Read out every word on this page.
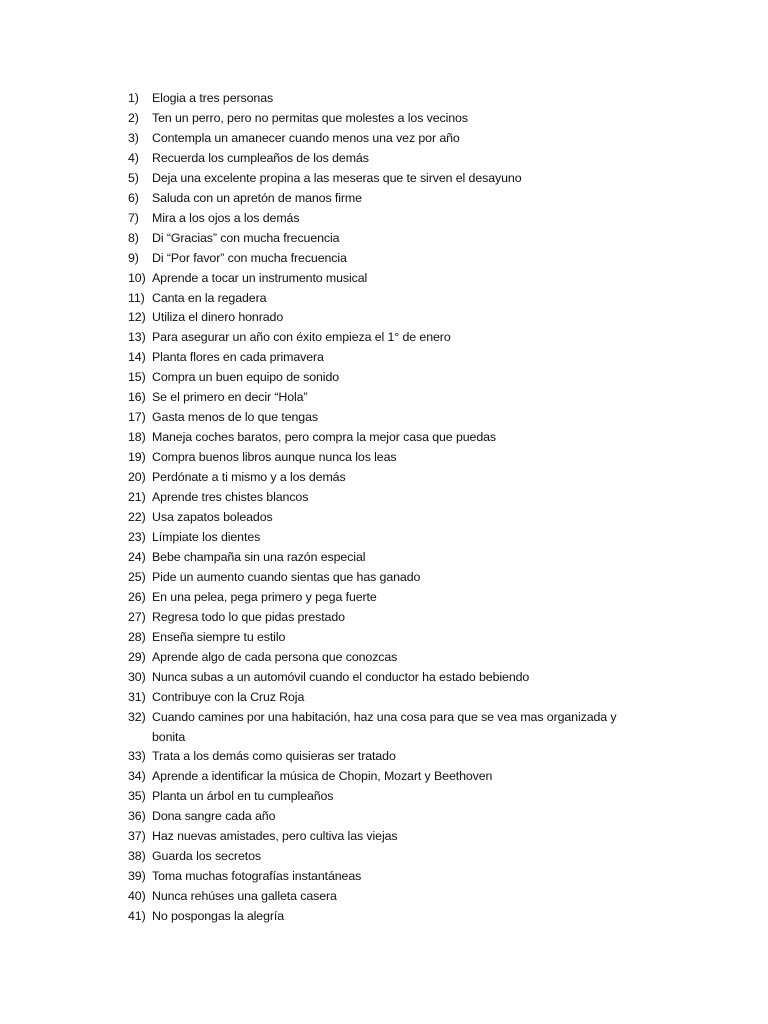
1)	Elogia a tres personas
2)	Ten un perro, pero no permitas que molestes a los vecinos
3)	Contempla un amanecer cuando menos una vez por año
4)	Recuerda los cumpleaños de los demás
5)	Deja una excelente propina a las meseras que te sirven el desayuno
6)	Saluda con un apretón de manos firme
7)	Mira a los ojos a los demás
8)	Di “Gracias” con mucha frecuencia
9)	Di “Por favor” con mucha frecuencia
10) Aprende a tocar un instrumento musical
11) Canta en la regadera
12) Utiliza el dinero honrado
13) Para asegurar un año con éxito empieza el 1° de enero
14) Planta flores en cada primavera
15) Compra un buen equipo de sonido
16) Se el primero en decir “Hola”
17) Gasta menos de lo que tengas
18) Maneja coches baratos, pero compra la mejor casa que puedas
19) Compra buenos libros aunque nunca los leas
20) Perdónate a ti mismo y a los demás
21) Aprende tres chistes blancos
22) Usa zapatos boleados
23) Límpiate los dientes
24) Bebe champaña sin una razón especial
25) Pide un aumento cuando sientas que has ganado
26) En una pelea, pega primero y pega fuerte
27) Regresa todo lo que pidas prestado
28) Enseña siempre tu estilo
29) Aprende algo de cada persona que conozcas
30) Nunca subas a un automóvil cuando el conductor ha estado bebiendo
31) Contribuye con la Cruz Roja
32) Cuando camines por una habitación, haz una cosa para que se vea mas organizada y
bonita
33) Trata a los demás como quisieras ser tratado
34) Aprende a identificar la música de Chopin, Mozart y Beethoven
35) Planta un árbol en tu cumpleaños
36) Dona sangre cada año
37) Haz nuevas amistades, pero cultiva las viejas
38) Guarda los secretos
39) Toma muchas fotografías instantáneas
40) Nunca rehúses una galleta casera
41) No pospongas la alegría
